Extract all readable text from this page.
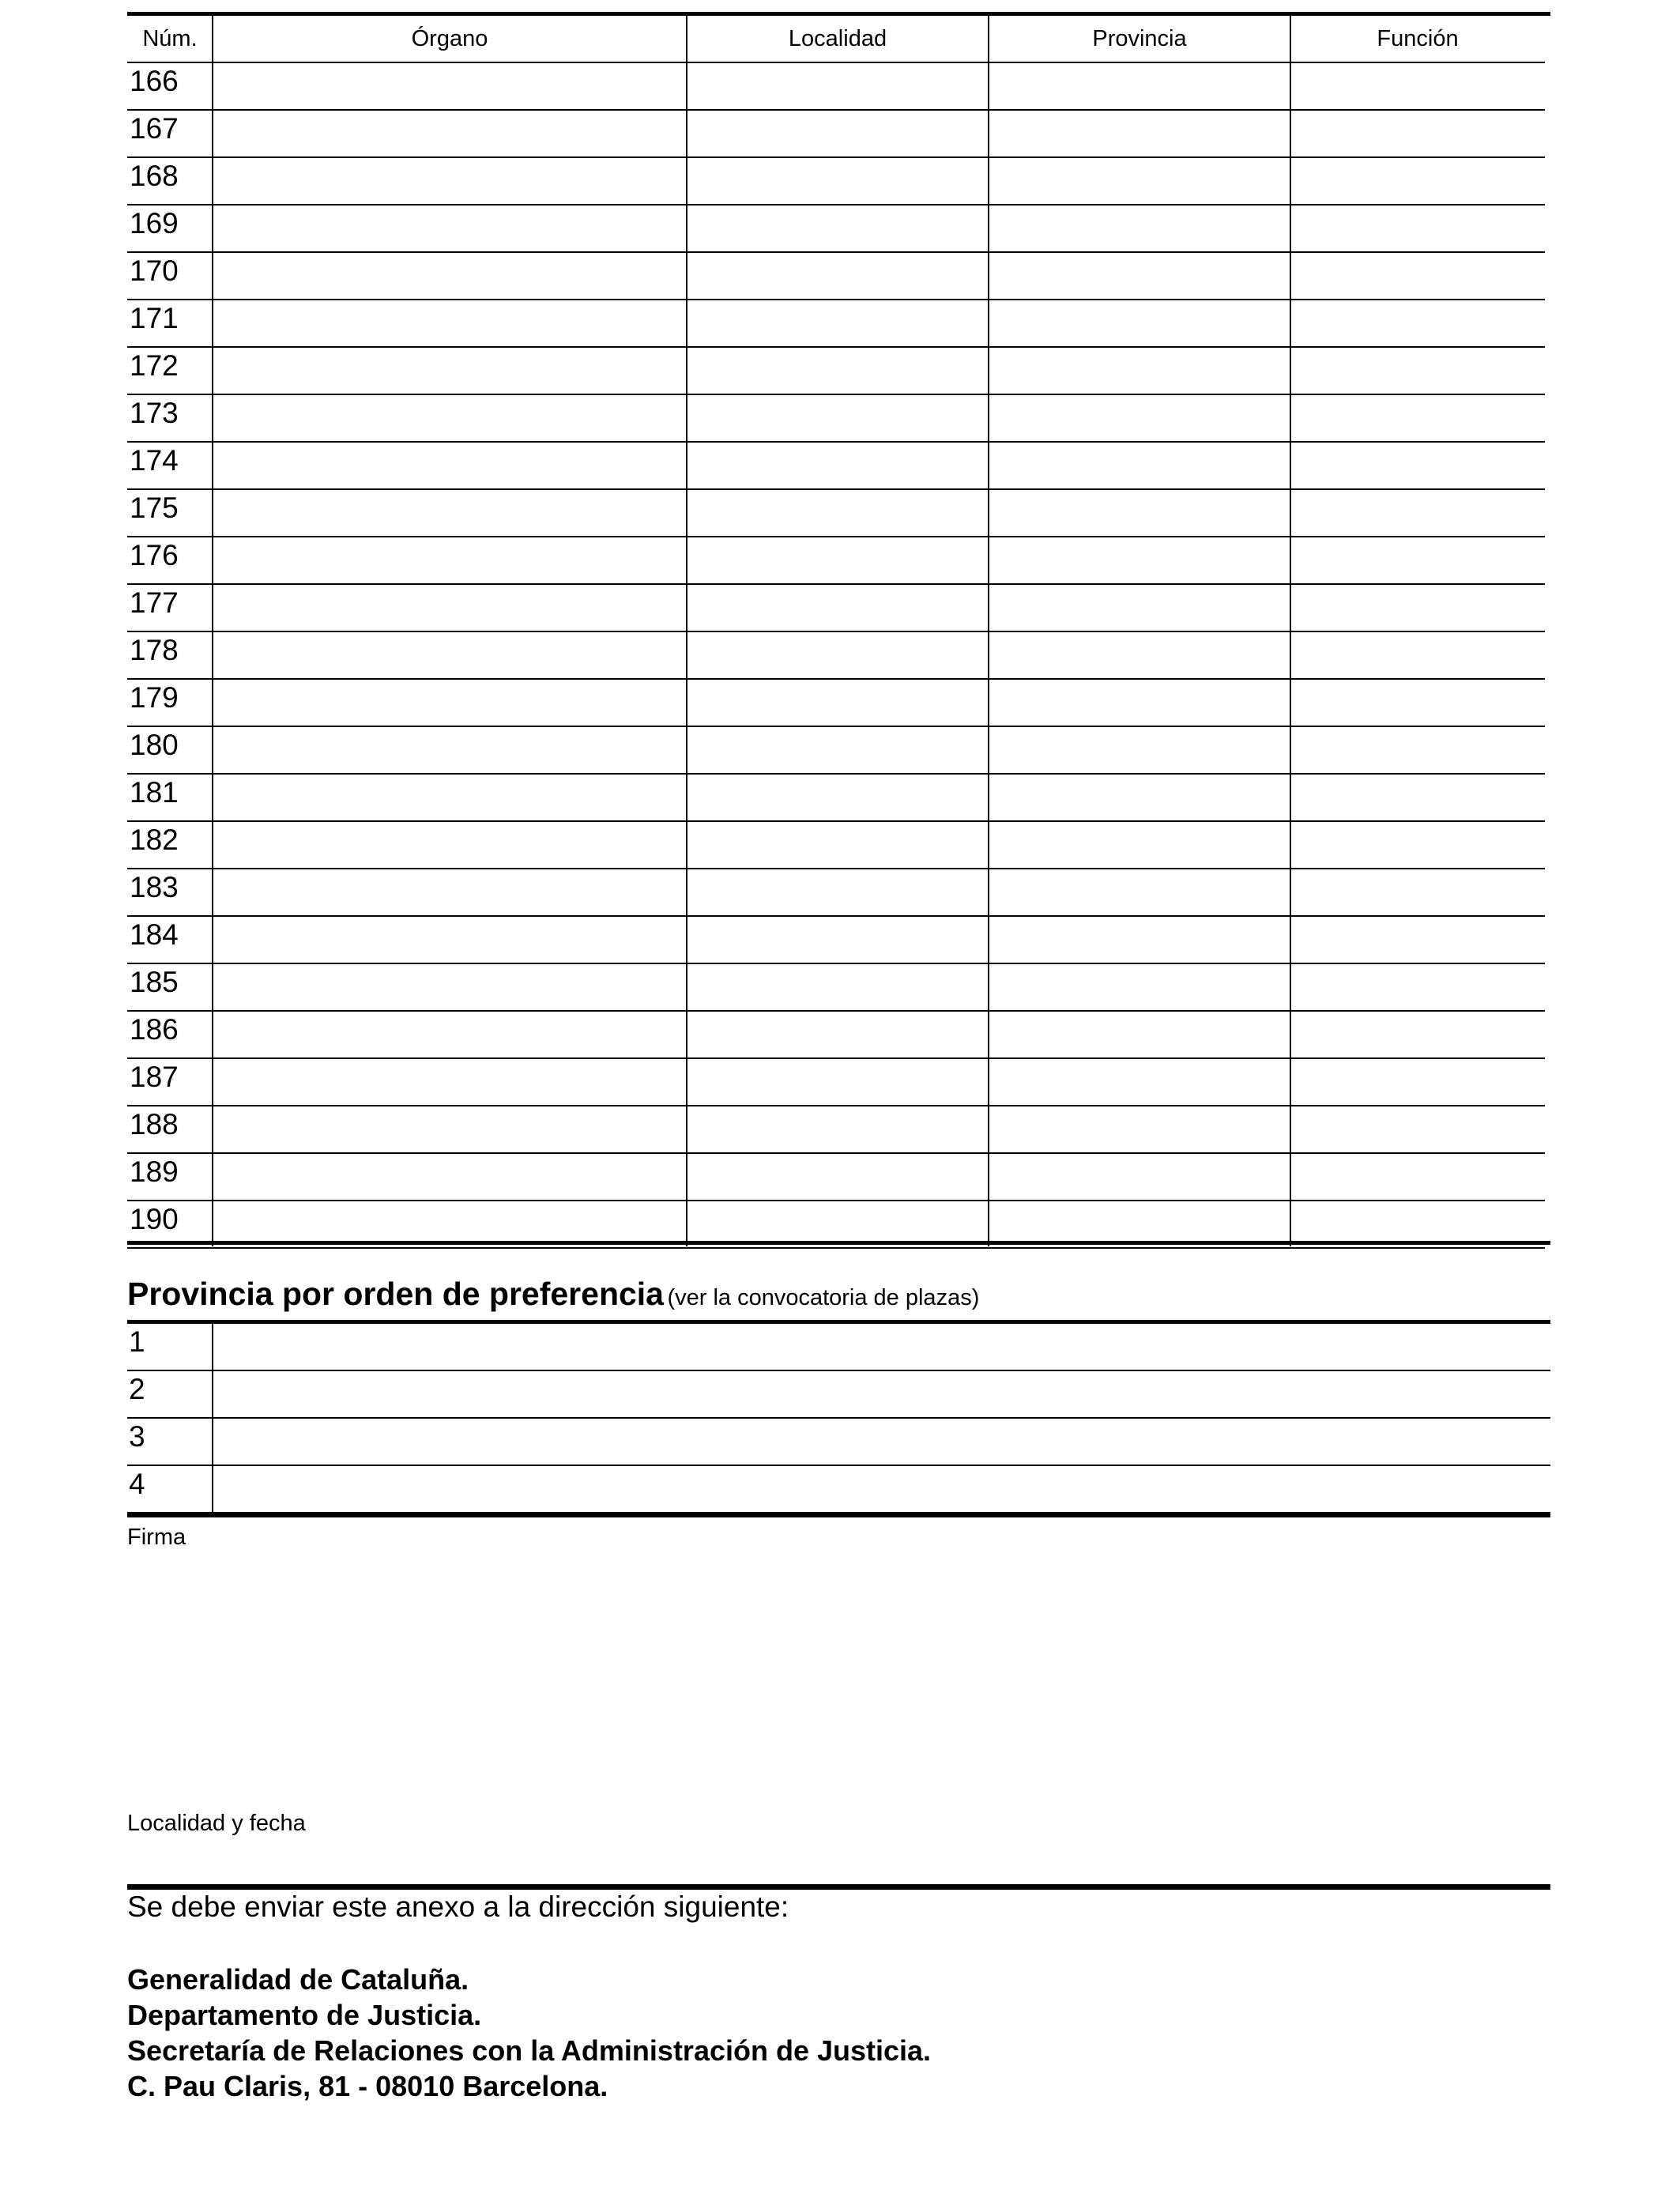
Núm.	Órgano	Localidad	Provincia	Función
166
167
168
169
170
171
172
173
174
175
176
177
178
179
180
181
182
183
184
185
186
187
188
189
190
Provincia por orden de preferencia (ver la convocatoria de plazas)
1
2
3
4
Firma
Localidad y fecha
Se debe enviar este anexo a la dirección siguiente:
Generalidad de Cataluña.
Departamento de Justicia.
Secretaría de Relaciones con la Administración de Justicia.
C. Pau Claris, 81 - 08010 Barcelona.
